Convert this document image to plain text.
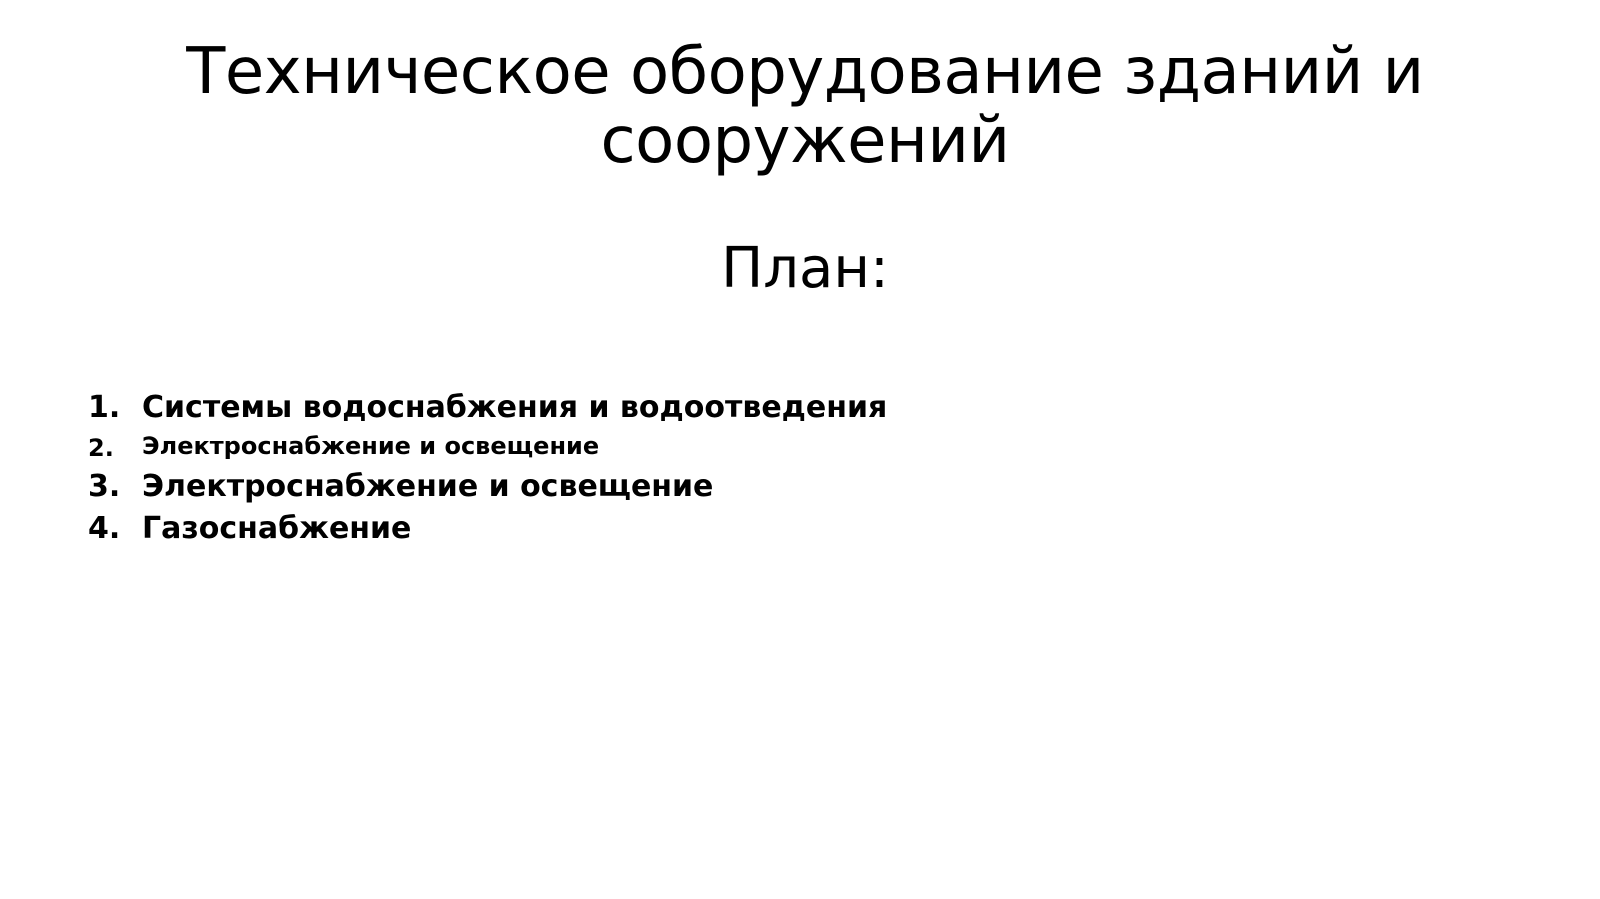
Техническое оборудование зданий и сооружений
План:
1. Системы водоснабжения и водоотведения
2.	Электроснабжение и освещение
3. Электроснабжение и освещение
4. Газоснабжение
